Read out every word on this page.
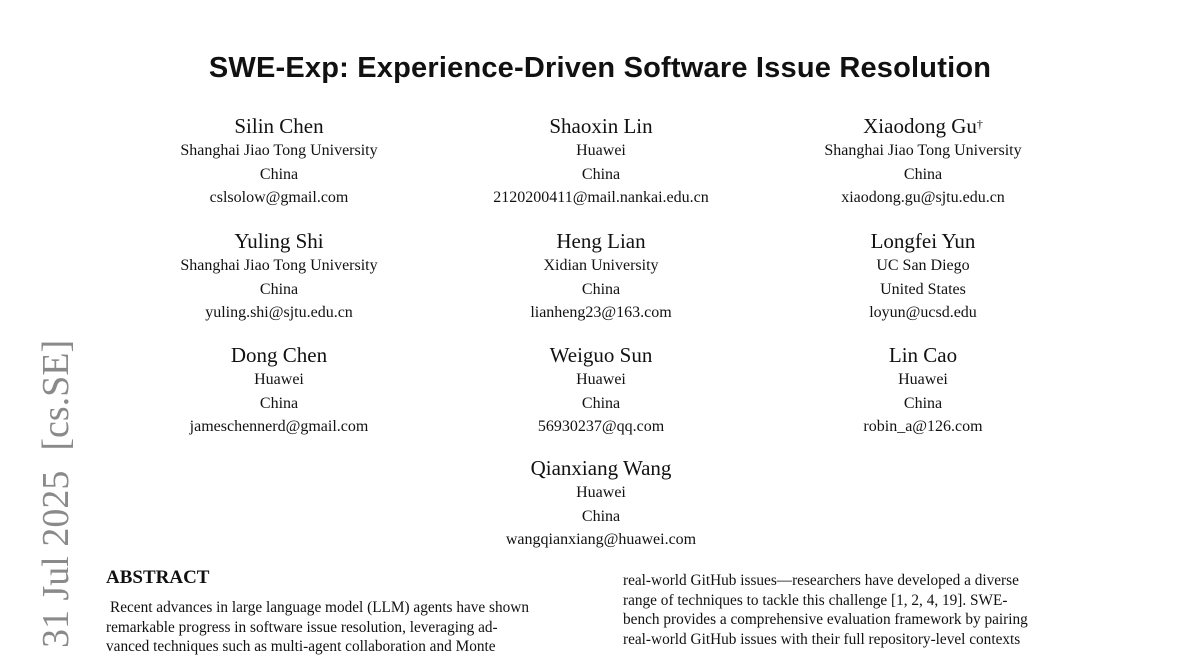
SWE-Exp: Experience-Driven Software Issue Resolution
Silin Chen
Shanghai Jiao Tong University
China
cslsolow@gmail.com
Shaoxin Lin
Huawei
China
2120200411@mail.nankai.edu.cn
Xiaodong Gu†
Shanghai Jiao Tong University
China
xiaodong.gu@sjtu.edu.cn
Yuling Shi
Shanghai Jiao Tong University
China
yuling.shi@sjtu.edu.cn
Heng Lian
Xidian University
China
lianheng23@163.com
Longfei Yun
UC San Diego
United States
loyun@ucsd.edu
Dong Chen
Huawei
China
jameschennerd@gmail.com
Weiguo Sun
Huawei
China
56930237@qq.com
Lin Cao
Huawei
China
robin_a@126.com
Qianxiang Wang
Huawei
China
wangqianxiang@huawei.com
31 Jul 2025[cs.SE]
ABSTRACT
Recent advances in large language model (LLM) agents have shown
remarkable progress in software issue resolution, leveraging ad-
vanced techniques such as multi-agent collaboration and Monte
real-world GitHub issues—researchers have developed a diverse
range of techniques to tackle this challenge [1, 2, 4, 19]. SWE-
bench provides a comprehensive evaluation framework by pairing
real-world GitHub issues with their full repository-level contexts
